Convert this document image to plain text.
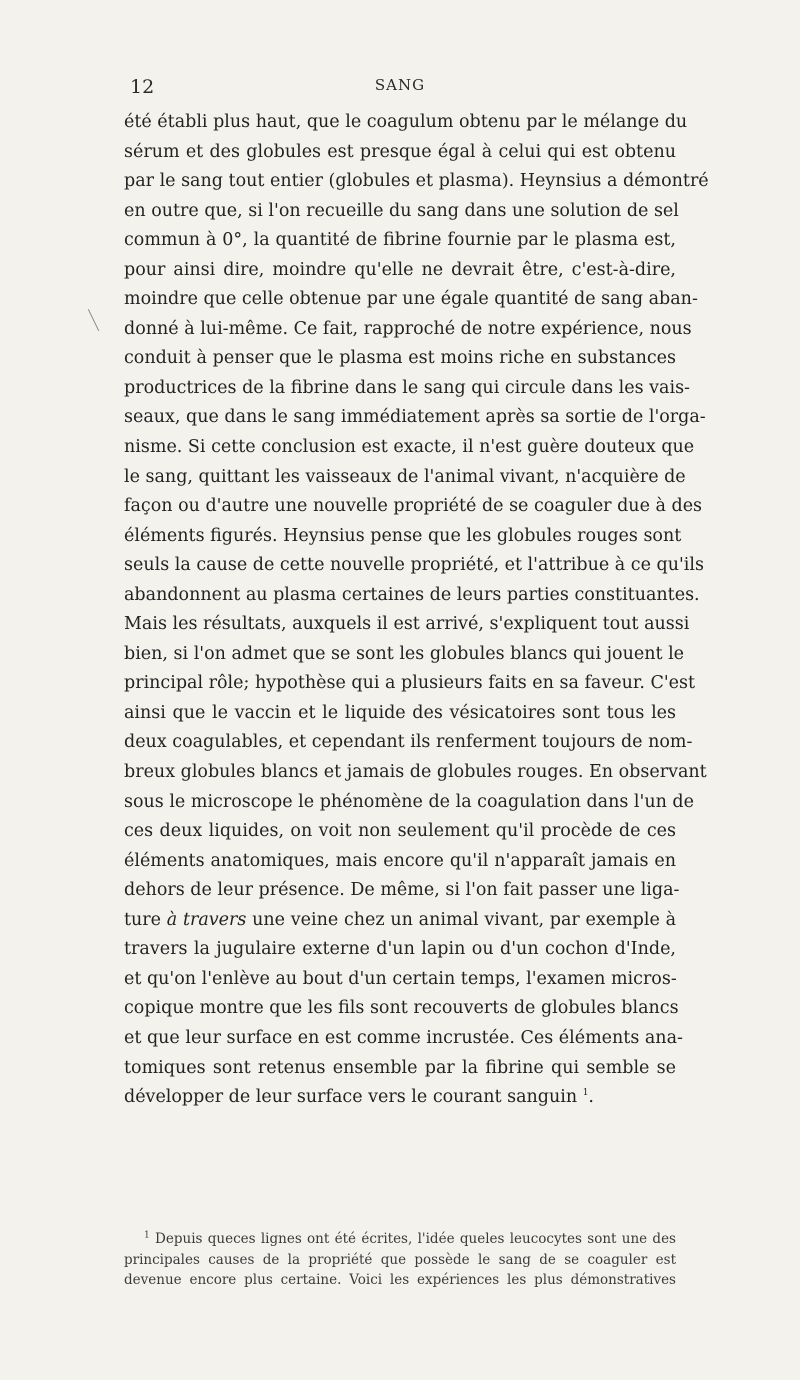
12	SANG
été établi plus haut, que le coagulum obtenu par le mélange du
sérum et des globules est presque égal à celui qui est obtenu
par le sang tout entier (globules et plasma). Heynsius a démontré
en outre que, si l'on recueille du sang dans une solution de sel
commun à 0°, la quantité de fibrine fournie par le plasma est,
pour ainsi dire, moindre qu'elle ne devrait être, c'est-à-dire,
moindre que celle obtenue par une égale quantité de sang aban-
donné à lui-même. Ce fait, rapproché de notre expérience, nous
conduit à penser que le plasma est moins riche en substances
productrices de la fibrine dans le sang qui circule dans les vais-
seaux, que dans le sang immédiatement après sa sortie de l'orga-
nisme. Si cette conclusion est exacte, il n'est guère douteux que
le sang, quittant les vaisseaux de l'animal vivant, n'acquière de
façon ou d'autre une nouvelle propriété de se coaguler due à des
éléments figurés. Heynsius pense que les globules rouges sont
seuls la cause de cette nouvelle propriété, et l'attribue à ce qu'ils
abandonnent au plasma certaines de leurs parties constituantes.
Mais les résultats, auxquels il est arrivé, s'expliquent tout aussi
bien, si l'on admet que se sont les globules blancs qui jouent le
principal rôle; hypothèse qui a plusieurs faits en sa faveur. C'est
ainsi que le vaccin et le liquide des vésicatoires sont tous les
deux coagulables, et cependant ils renferment toujours de nom-
breux globules blancs et jamais de globules rouges. En observant
sous le microscope le phénomène de la coagulation dans l'un de
ces deux liquides, on voit non seulement qu'il procède de ces
éléments anatomiques, mais encore qu'il n'apparaît jamais en
dehors de leur présence. De même, si l'on fait passer une liga-
ture à travers une veine chez un animal vivant, par exemple à
travers la jugulaire externe d'un lapin ou d'un cochon d'Inde,
et qu'on l'enlève au bout d'un certain temps, l'examen micros-
copique montre que les fils sont recouverts de globules blancs
et que leur surface en est comme incrustée. Ces éléments ana-
tomiques sont retenus ensemble par la fibrine qui semble se
développer de leur surface vers le courant sanguin $^1$.
$^1$ Depuis queces lignes ont été écrites, l'idée queles leucocytes sont une des
principales causes de la propriété que possède le sang de se coaguler est
devenue encore plus certaine. Voici les expériences les plus démonstratives
